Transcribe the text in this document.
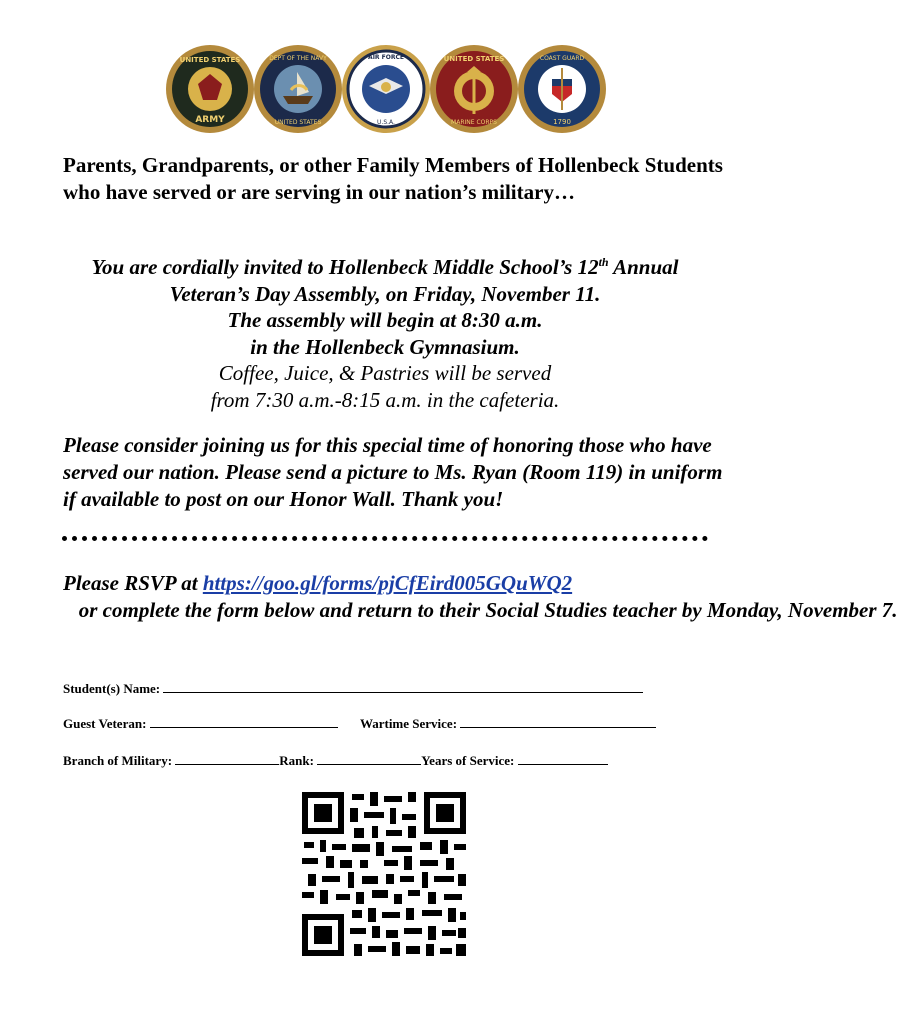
UNITED STATES
ARMY
DEPT OF THE NAVY
UNITED STATES
AIR FORCE
U.S.A.
UNITED STATES
MARINE CORPS
COAST GUARD
1790

Parents, Grandparents, or other Family Members of Hollenbeck Students who have served or are serving in our nation’s military…

You are cordially invited to Hollenbeck Middle School’s 12th Annual
Veteran’s Day Assembly, on Friday, November 11.
The assembly will begin at 8:30 a.m.
in the Hollenbeck Gymnasium.
Coffee, Juice, & Pastries will be served
from 7:30 a.m.-8:15 a.m. in the cafeteria.

Please consider joining us for this special time of honoring those who have served our nation. Please send a picture to Ms. Ryan (Room 119) in uniform if available to post on our Honor Wall. Thank you!

Please RSVP at https://goo.gl/forms/pjCfEird005GQuWQ2   or complete the form below and return to their Social Studies teacher by Monday, November 7.

Student(s) Name:
Guest Veteran:	Wartime Service:
Branch of Military:	Rank:	Years of Service:
